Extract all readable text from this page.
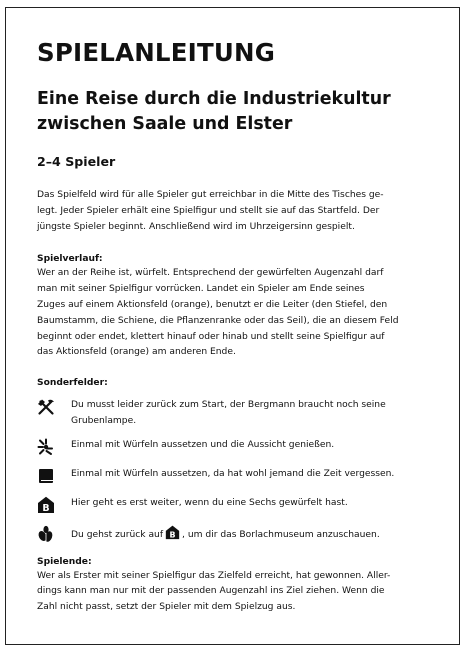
SPIELANLEITUNG
Eine Reise durch die Industriekultur
zwischen Saale und Elster
2–4 Spieler

Das Spielfeld wird für alle Spieler gut erreichbar in die Mitte des Tisches ge-
legt. Jeder Spieler erhält eine Spielfigur und stellt sie auf das Startfeld. Der
jüngste Spieler beginnt. Anschließend wird im Uhrzeigersinn gespielt.

Spielverlauf:

Wer an der Reihe ist, würfelt. Entsprechend der gewürfelten Augenzahl darf
man mit seiner Spielfigur vorrücken. Landet ein Spieler am Ende seines
Zuges auf einem Aktionsfeld (orange), benutzt er die Leiter (den Stiefel, den
Baumstamm, die Schiene, die Pflanzenranke oder das Seil), die an diesem Feld
beginnt oder endet, klettert hinauf oder hinab und stellt seine Spielfigur auf
das Aktionsfeld (orange) am anderen Ende.

Sonderfelder:
Du musst leider zurück zum Start, der Bergmann braucht noch seine
Grubenlampe.
Einmal mit Würfeln aussetzen und die Aussicht genießen.
Einmal mit Würfeln aussetzen, da hat wohl jemand die Zeit vergessen.
B Hier geht es erst weiter, wenn du eine Sechs gewürfelt hast.
Du gehst zurück auf B , um dir das Borlachmuseum anzuschauen.
Spielende:

Wer als Erster mit seiner Spielfigur das Zielfeld erreicht, hat gewonnen. Aller-
dings kann man nur mit der passenden Augenzahl ins Ziel ziehen. Wenn die
Zahl nicht passt, setzt der Spieler mit dem Spielzug aus.
